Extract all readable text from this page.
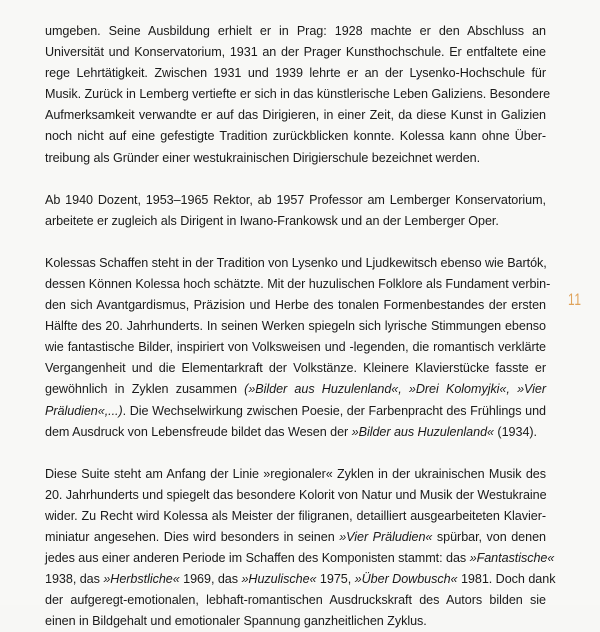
umgeben. Seine Ausbildung erhielt er in Prag: 1928 machte er den Abschluss an
Universität und Konservatorium, 1931 an der Prager Kunsthochschule. Er entfaltete eine
rege Lehrtätigkeit. Zwischen 1931 und 1939 lehrte er an der Lysenko-Hochschule für
Musik. Zurück in Lemberg vertiefte er sich in das künstlerische Leben Galiziens. Besondere
Aufmerksamkeit verwandte er auf das Dirigieren, in einer Zeit, da diese Kunst in Galizien
noch nicht auf eine gefestigte Tradition zurückblicken konnte. Kolessa kann ohne Über-
treibung als Gründer einer westukrainischen Dirigierschule bezeichnet werden.
Ab 1940 Dozent, 1953–1965 Rektor, ab 1957 Professor am Lemberger Konservatorium,
arbeitete er zugleich als Dirigent in Iwano-Frankowsk und an der Lemberger Oper.
Kolessas Schaffen steht in der Tradition von Lysenko und Ljudkewitsch ebenso wie Bartók,
dessen Können Kolessa hoch schätzte. Mit der huzulischen Folklore als Fundament verbin-
den sich Avantgardismus, Präzision und Herbe des tonalen Formenbestandes der ersten
Hälfte des 20. Jahrhunderts. In seinen Werken spiegeln sich lyrische Stimmungen ebenso
wie fantastische Bilder, inspiriert von Volksweisen und -legenden, die romantisch verklärte
Vergangenheit und die Elementarkraft der Volkstänze. Kleinere Klavierstücke fasste er
gewöhnlich in Zyklen zusammen (»Bilder aus Huzulenland«, »Drei Kolomyjki«, »Vier
Präludien«,...). Die Wechselwirkung zwischen Poesie, der Farbenpracht des Frühlings und
dem Ausdruck von Lebensfreude bildet das Wesen der »Bilder aus Huzulenland« (1934).
Diese Suite steht am Anfang der Linie »regionaler« Zyklen in der ukrainischen Musik des
20. Jahrhunderts und spiegelt das besondere Kolorit von Natur und Musik der Westukraine
wider. Zu Recht wird Kolessa als Meister der filigranen, detailliert ausgearbeiteten Klavier-
miniatur angesehen. Dies wird besonders in seinen »Vier Präludien« spürbar, von denen
jedes aus einer anderen Periode im Schaffen des Komponisten stammt: das »Fantastische«
1938, das »Herbstliche« 1969, das »Huzulische« 1975, »Über Dowbusch« 1981. Doch dank
der aufgeregt-emotionalen, lebhaft-romantischen Ausdruckskraft des Autors bilden sie
einen in Bildgehalt und emotionaler Spannung ganzheitlichen Zyklus.
11
